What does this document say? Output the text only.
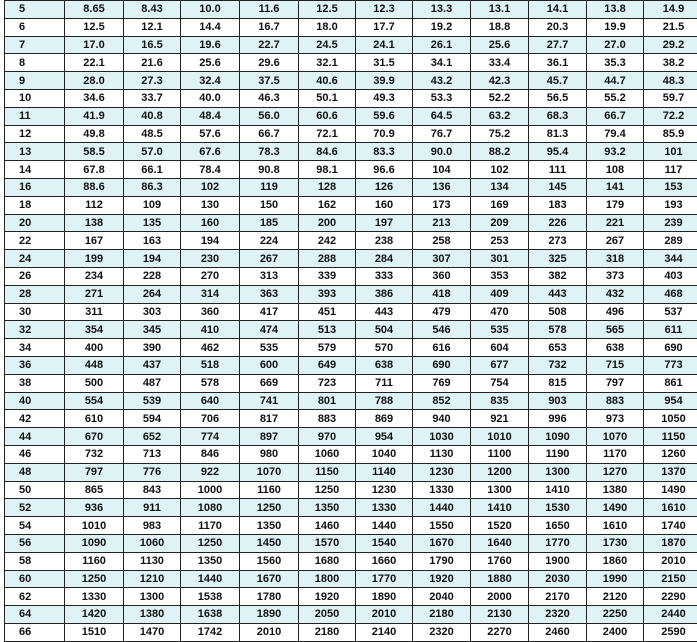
5	8.65	8.43	10.0	11.6	12.5	12.3	13.3	13.1	14.1	13.8	14.9
6	12.5	12.1	14.4	16.7	18.0	17.7	19.2	18.8	20.3	19.9	21.5
7	17.0	16.5	19.6	22.7	24.5	24.1	26.1	25.6	27.7	27.0	29.2
8	22.1	21.6	25.6	29.6	32.1	31.5	34.1	33.4	36.1	35.3	38.2
9	28.0	27.3	32.4	37.5	40.6	39.9	43.2	42.3	45.7	44.7	48.3
10	34.6	33.7	40.0	46.3	50.1	49.3	53.3	52.2	56.5	55.2	59.7
11	41.9	40.8	48.4	56.0	60.6	59.6	64.5	63.2	68.3	66.7	72.2
12	49.8	48.5	57.6	66.7	72.1	70.9	76.7	75.2	81.3	79.4	85.9
13	58.5	57.0	67.6	78.3	84.6	83.3	90.0	88.2	95.4	93.2	101
14	67.8	66.1	78.4	90.8	98.1	96.6	104	102	111	108	117
16	88.6	86.3	102	119	128	126	136	134	145	141	153
18	112	109	130	150	162	160	173	169	183	179	193
20	138	135	160	185	200	197	213	209	226	221	239
22	167	163	194	224	242	238	258	253	273	267	289
24	199	194	230	267	288	284	307	301	325	318	344
26	234	228	270	313	339	333	360	353	382	373	403
28	271	264	314	363	393	386	418	409	443	432	468
30	311	303	360	417	451	443	479	470	508	496	537
32	354	345	410	474	513	504	546	535	578	565	611
34	400	390	462	535	579	570	616	604	653	638	690
36	448	437	518	600	649	638	690	677	732	715	773
38	500	487	578	669	723	711	769	754	815	797	861
40	554	539	640	741	801	788	852	835	903	883	954
42	610	594	706	817	883	869	940	921	996	973	1050
44	670	652	774	897	970	954	1030	1010	1090	1070	1150
46	732	713	846	980	1060	1040	1130	1100	1190	1170	1260
48	797	776	922	1070	1150	1140	1230	1200	1300	1270	1370
50	865	843	1000	1160	1250	1230	1330	1300	1410	1380	1490
52	936	911	1080	1250	1350	1330	1440	1410	1530	1490	1610
54	1010	983	1170	1350	1460	1440	1550	1520	1650	1610	1740
56	1090	1060	1250	1450	1570	1540	1670	1640	1770	1730	1870
58	1160	1130	1350	1560	1680	1660	1790	1760	1900	1860	2010
60	1250	1210	1440	1670	1800	1770	1920	1880	2030	1990	2150
62	1330	1300	1538	1780	1920	1890	2040	2000	2170	2120	2290
64	1420	1380	1638	1890	2050	2010	2180	2130	2320	2250	2440
66	1510	1470	1742	2010	2180	2140	2320	2270	2460	2400	2590
